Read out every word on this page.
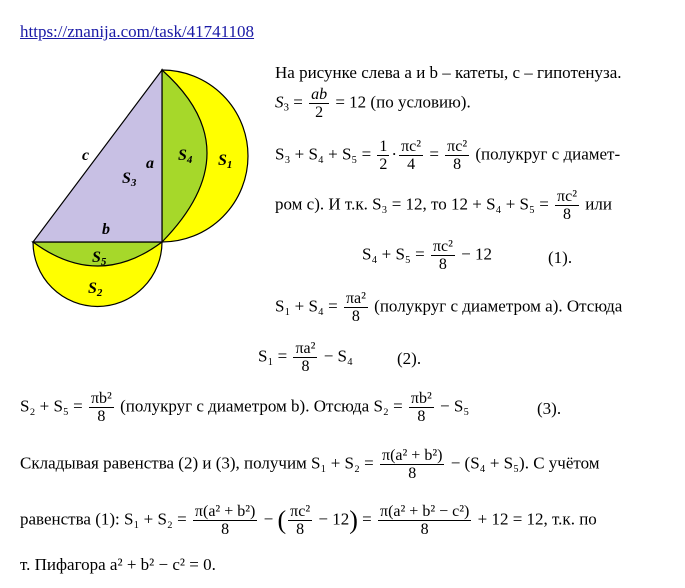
https://znanija.com/task/41741108
c	a
b
S3
S4 S1
S5
S2
На рисунке слева a и b – катеты, c – гипотенуза.
$S_3 = \frac{ab}{2} = 12$ (по условию).
$S_3 + S_4 + S_5 = \frac{1}{2} \cdot \frac{\text{πc²}}{4} = \frac{\text{πc²}}{8}$ (полукруг с диамет-
ром c). И т.к. S₃ = 12, то $12 + S_4 + S_5 = \frac{\text{πc²}}{8}$ или
$S_4 + S_5 = \frac{\text{πc²}}{8} - 12$	(1).
$S_1 + S_4 = \frac{\text{πa²}}{8}$ (полукруг с диаметром a). Отсюда
$S_1 = \frac{\text{πa²}}{8} - S_4$	(2).
$S_2 + S_5 = \frac{\text{πb²}}{8}$ (полукруг с диаметром b). Отсюда $S_2 = \frac{\text{πb²}}{8} - S_5$	(3).
Складывая равенства (2) и (3), получим $S_1 + S_2 = \frac{\text{π(a² + b²)}}{8} - (S_4 + S_5)$. С учётом
равенства (1): $S_1 + S_2 = \frac{\text{π(a² + b²)}}{8}$ − ( $\frac{\text{πc²}}{8} - 12) = \frac{\text{π(a² + b² − c²)}}{8} + 12 = 12$, т.к. по
т. Пифагора a² + b² − c² = 0.
